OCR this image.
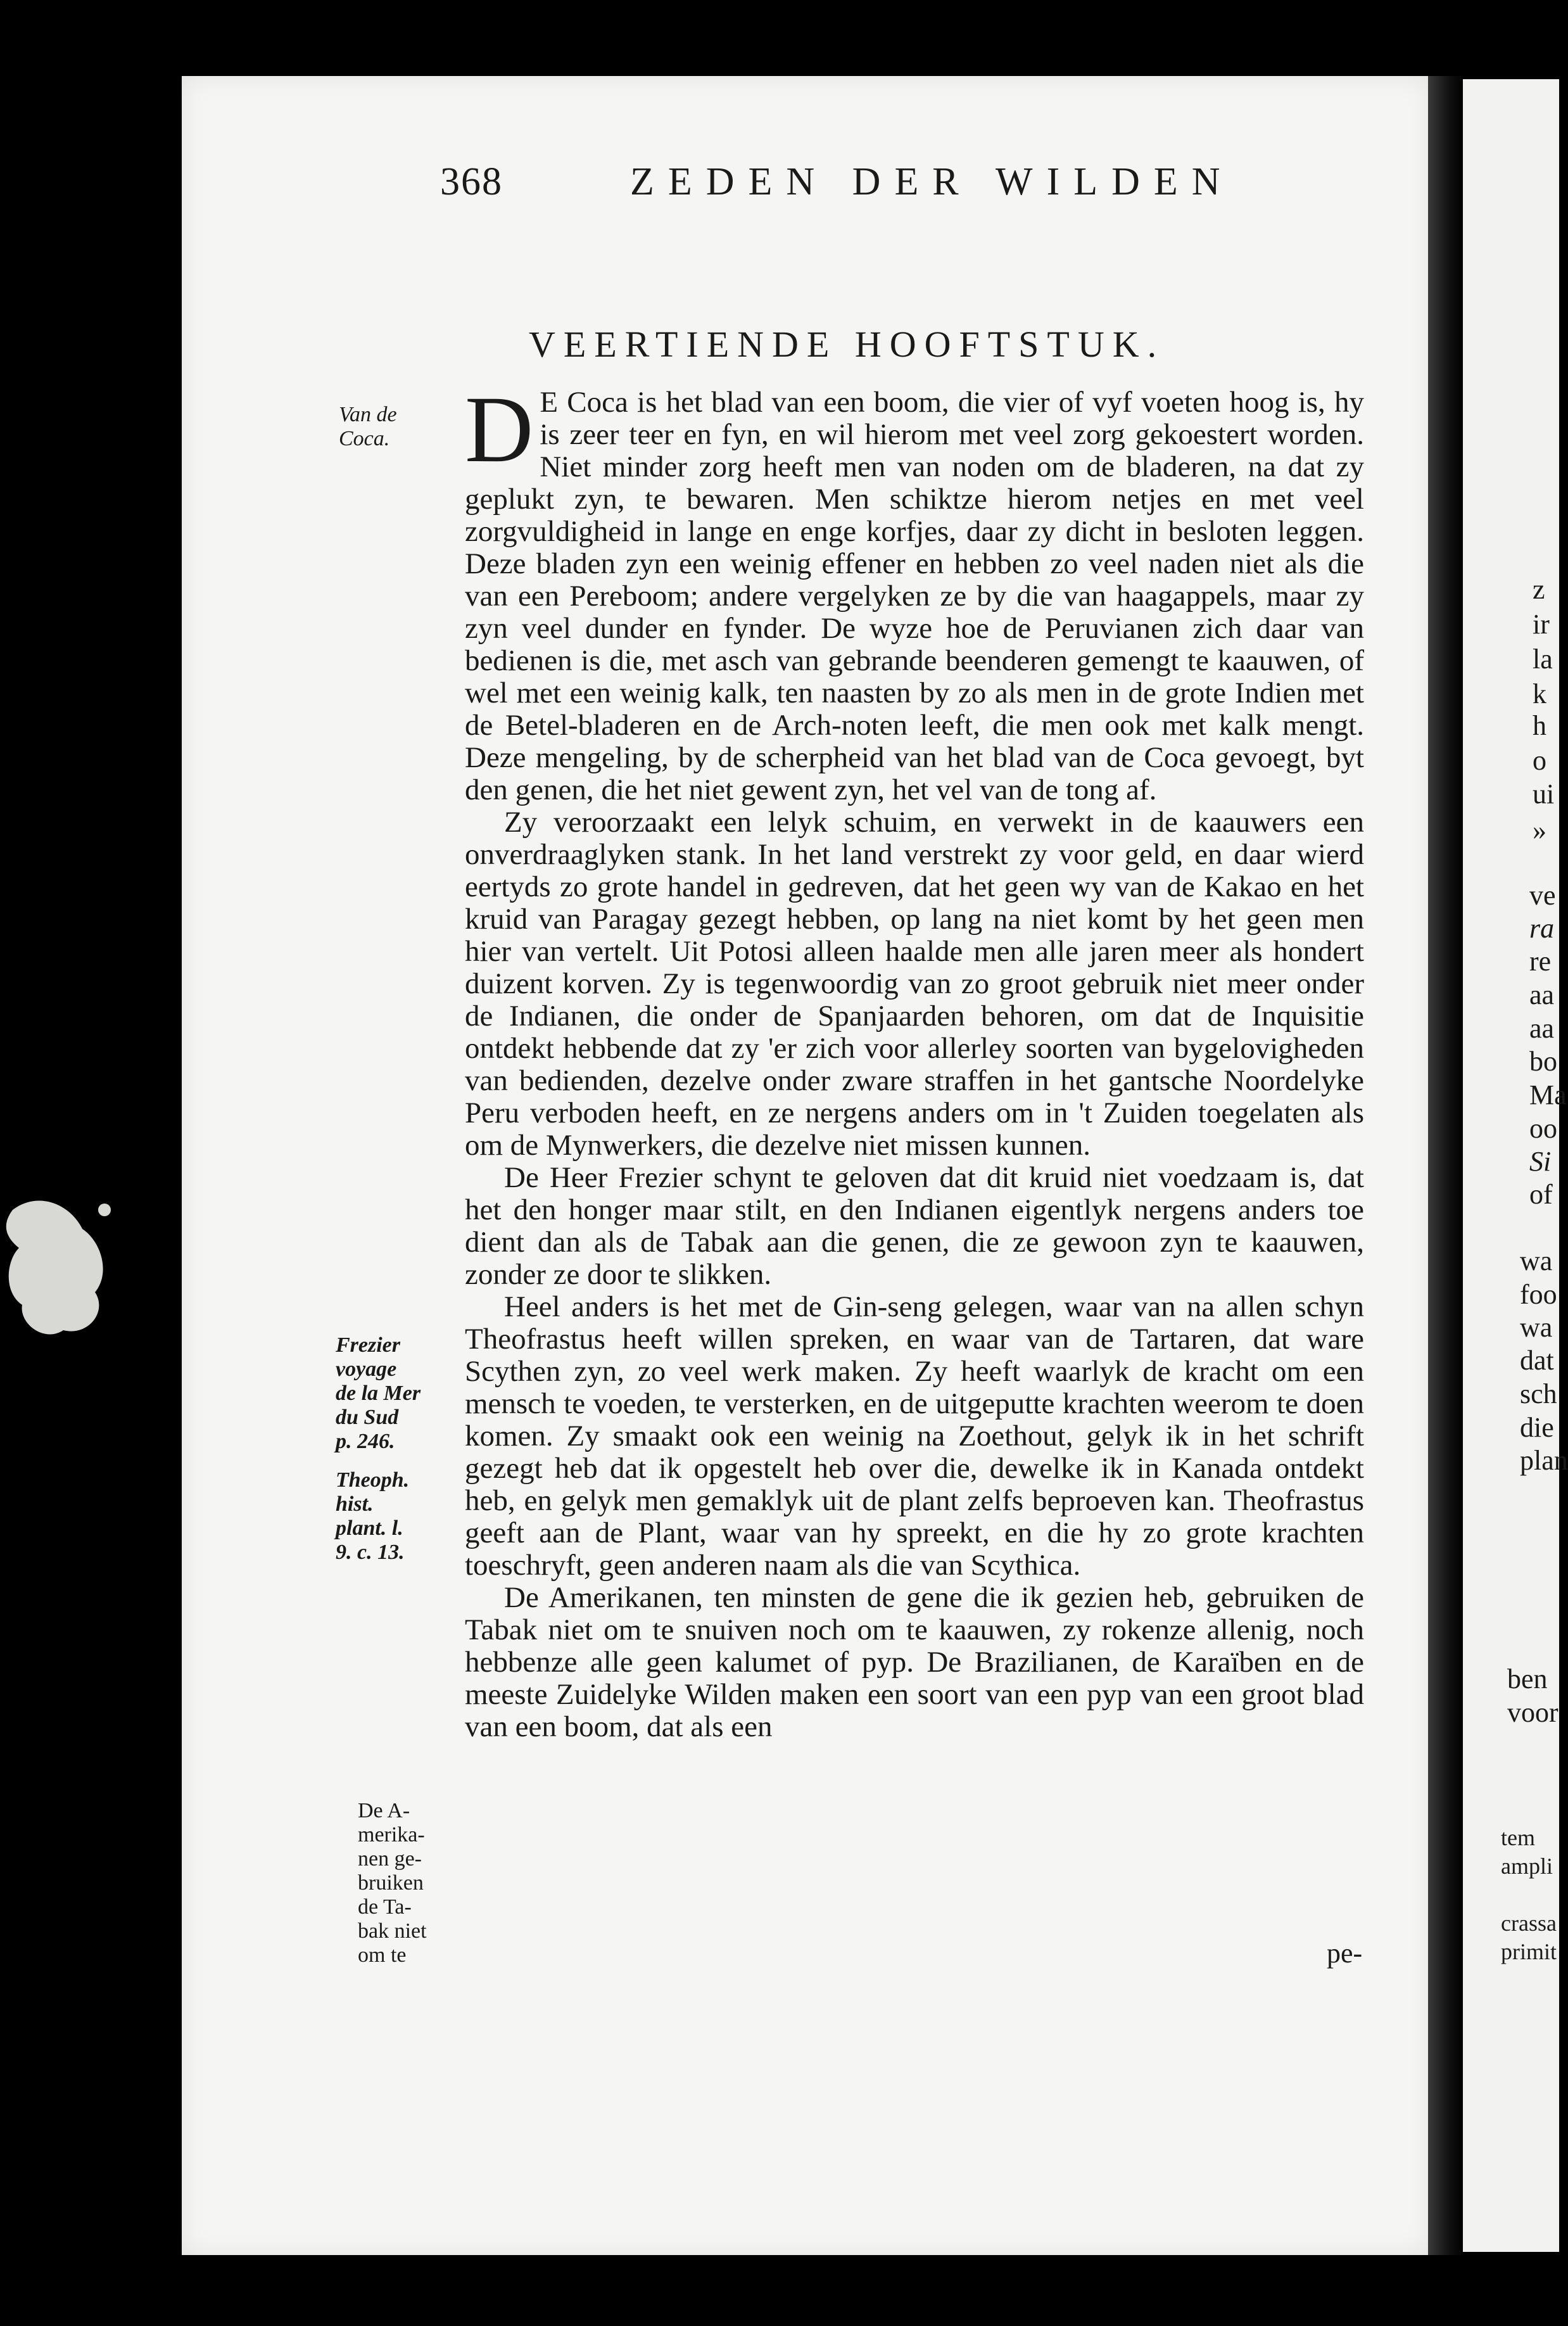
368	ZEDEN DER WILDEN
VEERTIENDE HOOFTSTUK.

D E Coca is het blad van een boom, die vier of vyf voeten hoog is, hy is zeer teer en fyn, en wil hierom met veel zorg gekoestert worden. Niet minder zorg heeft men van noden om de bladeren, na dat zy geplukt zyn, te bewaren. Men schiktze hierom netjes en met veel zorgvuldigheid in lange en enge korfjes, daar zy dicht in besloten leggen. Deze bladen zyn een weinig effener en hebben zo veel naden niet als die van een Pereboom; andere vergelyken ze by die van haagappels, maar zy zyn veel dunder en fynder. De wyze hoe de Peruvianen zich daar van bedienen is die, met asch van gebrande beenderen gemengt te kaauwen, of wel met een weinig kalk, ten naasten by zo als men in de grote Indien met de Betel-bladeren en de Arch-noten leeft, die men ook met kalk mengt. Deze mengeling, by de scherpheid van het blad van de Coca gevoegt, byt den genen, die het niet gewent zyn, het vel van de tong af.

Zy veroorzaakt een lelyk schuim, en verwekt in de kaauwers een onverdraaglyken stank. In het land verstrekt zy voor geld, en daar wierd eertyds zo grote handel in gedreven, dat het geen wy van de Kakao en het kruid van Paragay gezegt hebben, op lang na niet komt by het geen men hier van vertelt. Uit Potosi alleen haalde men alle jaren meer als hondert duizent korven. Zy is tegenwoordig van zo groot gebruik niet meer onder de Indianen, die onder de Spanjaarden behoren, om dat de Inquisitie ontdekt hebbende dat zy 'er zich voor allerley soorten van bygelovigheden van bedienden, dezelve onder zware straffen in het gantsche Noordelyke Peru verboden heeft, en ze nergens anders om in 't Zuiden toegelaten als om de Mynwerkers, die dezelve niet missen kunnen.

De Heer Frezier schynt te geloven dat dit kruid niet voedzaam is, dat het den honger maar stilt, en den Indianen eigentlyk nergens anders toe dient dan als de Tabak aan die genen, die ze gewoon zyn te kaauwen, zonder ze door te slikken.

Heel anders is het met de Gin-seng gelegen, waar van na allen schyn Theofrastus heeft willen spreken, en waar van de Tartaren, dat ware Scythen zyn, zo veel werk maken. Zy heeft waarlyk de kracht om een mensch te voeden, te versterken, en de uitgeputte krachten weerom te doen komen. Zy smaakt ook een weinig na Zoethout, gelyk ik in het schrift gezegt heb dat ik opgestelt heb over die, dewelke ik in Kanada ontdekt heb, en gelyk men gemaklyk uit de plant zelfs beproeven kan. Theofrastus geeft aan de Plant, waar van hy spreekt, en die hy zo grote krachten toeschryft, geen anderen naam als die van Scythica.

De Amerikanen, ten minsten de gene die ik gezien heb, gebruiken de Tabak niet om te snuiven noch om te kaauwen, zy rokenze allenig, noch hebbenze alle geen kalumet of pyp. De Brazilianen, de Karaïben en de meeste Zuidelyke Wilden maken een soort van een pyp van een groot blad van een boom, dat als een

Van de
Coca.
Frezier
voyage
de la Mer
du Sud
p. 246.
Theoph.
hist.
plant. l.
9. c. 13.
De A-
merika-
nen ge-
bruiken
de Ta-
bak niet
om te	pe-
z
ir
la
k
h
o
ui
»
ve
ra
re
aa
aa
bo
Ma
oo
Si
of
wa
foo
wa
dat
sch
die
plan
ben
voor
tem
ampli
crassa
primit
